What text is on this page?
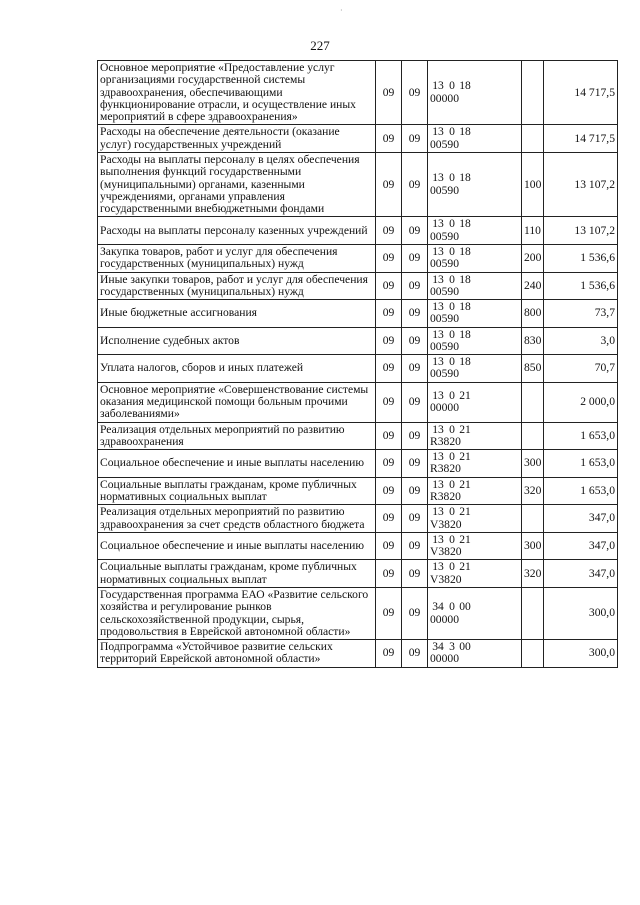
·
227
Основное мероприятие «Предоставление услуг организациями государственной системы здравоохранения, обеспечивающими функционирование отрасли, и осуществление иных мероприятий в сфере здравоохранения»	09	09	13 0 1800000		14 717,5
Расходы на обеспечение деятельности (оказание услуг) государственных учреждений	09	09	13 0 1800590		14 717,5
Расходы на выплаты персоналу в целях обеспечения выполнения функций государственными (муниципальными) органами, казенными учреждениями, органами управления государственными внебюджетными фондами	09	09	13 0 1800590	100	13 107,2
Расходы на выплаты персоналу казенных учреждений	09	09	13 0 1800590	110	13 107,2
Закупка товаров, работ и услуг для обеспечения государственных (муниципальных) нужд	09	09	13 0 1800590	200	1 536,6
Иные закупки товаров, работ и услуг для обеспечения государственных (муниципальных) нужд	09	09	13 0 1800590	240	1 536,6
Иные бюджетные ассигнования	09	09	13 0 1800590	800	73,7
Исполнение судебных актов	09	09	13 0 1800590	830	3,0
Уплата налогов, сборов и иных платежей	09	09	13 0 1800590	850	70,7
Основное мероприятие «Совершенствование системы оказания медицинской помощи больным прочими заболеваниями»	09	09	13 0 2100000		2 000,0
Реализация отдельных мероприятий по развитию здравоохранения	09	09	13 0 21R3820		1 653,0
Социальное обеспечение и иные выплаты населению	09	09	13 0 21R3820	300	1 653,0
Социальные выплаты гражданам, кроме публичных нормативных социальных выплат	09	09	13 0 21R3820	320	1 653,0
Реализация отдельных мероприятий по развитию здравоохранения за счет средств областного бюджета	09	09	13 0 21V3820		347,0
Социальное обеспечение и иные выплаты населению	09	09	13 0 21V3820	300	347,0
Социальные выплаты гражданам, кроме публичных нормативных социальных выплат	09	09	13 0 21V3820	320	347,0
Государственная программа ЕАО «Развитие сельского хозяйства и регулирование рынков сельскохозяйственной продукции, сырья, продовольствия в Еврейской автономной области»	09	09	34 0 0000000		300,0
Подпрограмма «Устойчивое развитие сельских территорий Еврейской автономной области»	09	09	34 3 0000000		300,0
